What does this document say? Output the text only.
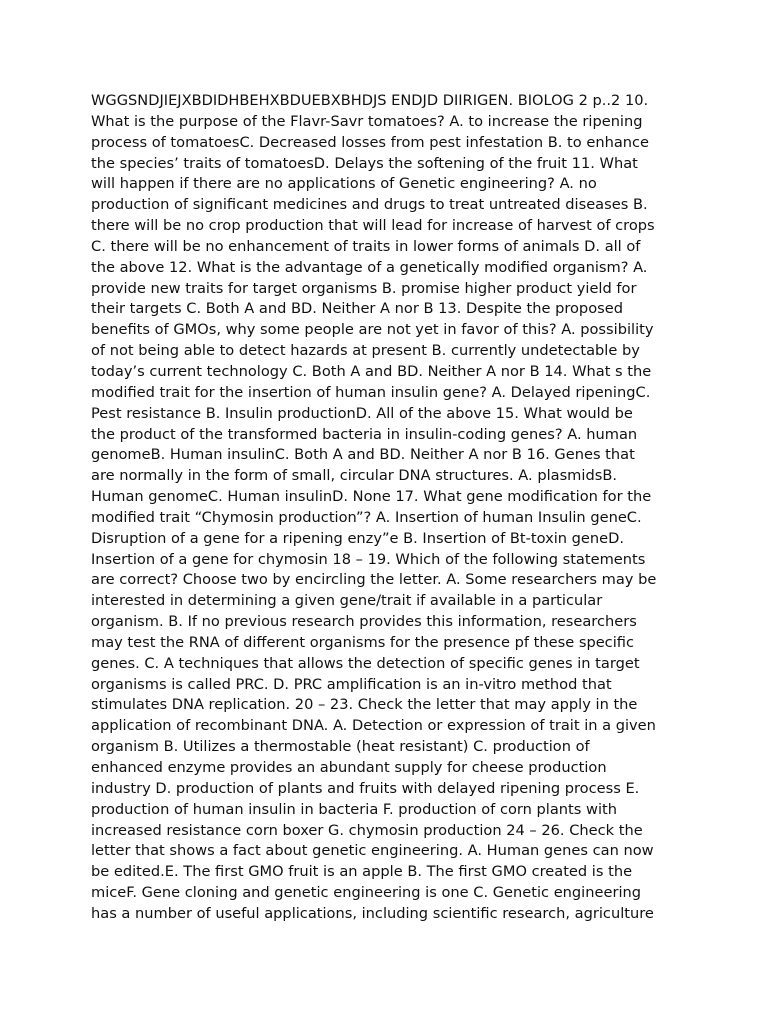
WGGSNDJIEJXBDIDHBEHXBDUEBXBHDJS ENDJD DIIRIGEN. BIOLOG 2 p..2 10.
What is the purpose of the Flavr-Savr tomatoes? A. to increase the ripening
process of tomatoesC. Decreased losses from pest infestation B. to enhance
the species’ traits of tomatoesD. Delays the softening of the fruit 11. What
will happen if there are no applications of Genetic engineering? A. no
production of significant medicines and drugs to treat untreated diseases B.
there will be no crop production that will lead for increase of harvest of crops
C. there will be no enhancement of traits in lower forms of animals D. all of
the above 12. What is the advantage of a genetically modified organism? A.
provide new traits for target organisms B. promise higher product yield for
their targets C. Both A and BD. Neither A nor B 13. Despite the proposed
benefits of GMOs, why some people are not yet in favor of this? A. possibility
of not being able to detect hazards at present B. currently undetectable by
today’s current technology C. Both A and BD. Neither A nor B 14. What s the
modified trait for the insertion of human insulin gene? A. Delayed ripeningC.
Pest resistance B. Insulin productionD. All of the above 15. What would be
the product of the transformed bacteria in insulin-coding genes? A. human
genomeB. Human insulinC. Both A and BD. Neither A nor B 16. Genes that
are normally in the form of small, circular DNA structures. A. plasmidsB.
Human genomeC. Human insulinD. None 17. What gene modification for the
modified trait “Chymosin production”? A. Insertion of human Insulin geneC.
Disruption of a gene for a ripening enzy”e B. Insertion of Bt-toxin geneD.
Insertion of a gene for chymosin 18 – 19. Which of the following statements
are correct? Choose two by encircling the letter. A. Some researchers may be
interested in determining a given gene/trait if available in a particular
organism. B. If no previous research provides this information, researchers
may test the RNA of different organisms for the presence pf these specific
genes. C. A techniques that allows the detection of specific genes in target
organisms is called PRC. D. PRC amplification is an in-vitro method that
stimulates DNA replication. 20 – 23. Check the letter that may apply in the
application of recombinant DNA. A. Detection or expression of trait in a given
organism B. Utilizes a thermostable (heat resistant) C. production of
enhanced enzyme provides an abundant supply for cheese production
industry D. production of plants and fruits with delayed ripening process E.
production of human insulin in bacteria F. production of corn plants with
increased resistance corn boxer G. chymosin production 24 – 26. Check the
letter that shows a fact about genetic engineering. A. Human genes can now
be edited.E. The first GMO fruit is an apple B. The first GMO created is the
miceF. Gene cloning and genetic engineering is one C. Genetic engineering
has a number of useful applications, including scientific research, agriculture
